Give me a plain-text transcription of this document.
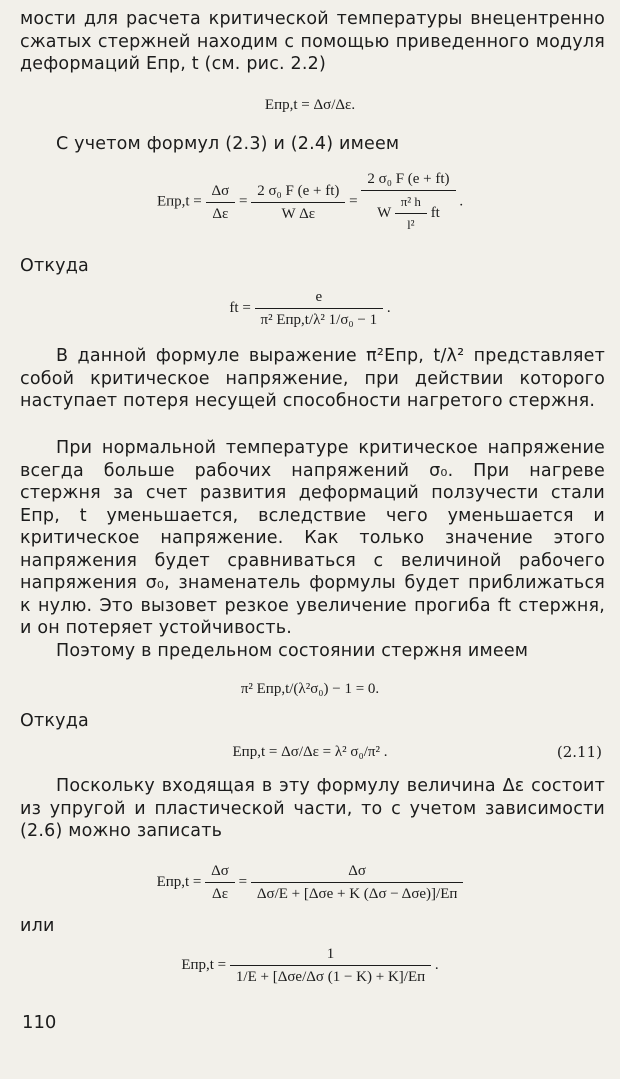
мости для расчета критической температуры внецентренно сжатых стержней находим с помощью приведенного модуля деформаций Eпр, t (см. рис. 2.2)
Eпр,t = Δσ/Δε.
С учетом формул (2.3) и (2.4) имеем
$Eпр,t = \frac{\Delta\sigma}{\Delta\varepsilon} = \frac{\text{2 σ₀ F (e + ft)}}{\text{W Δε}} = \frac{\text{2 σ₀ F (e + ft)}}{W \frac{\text{π² h}}{\text{l²}} ft}$ .
Откуда
ft = $\frac{e}{\text{π² Eпр,t/λ² 1/σ₀ − 1}}$ .
В данной формуле выражение π²Eпр, t/λ² представляет собой критическое напряжение, при действии которого наступает потеря несущей способности нагретого стержня.
При нормальной температуре критическое напряжение всегда больше рабочих напряжений σ₀. При нагреве стержня за счет развития деформаций ползучести стали Eпр, t уменьшается, вследствие чего уменьшается и критическое напряжение. Как только значение этого напряжения будет сравниваться с величиной рабочего напряжения σ₀, знаменатель формулы будет приближаться к нулю. Это вызовет резкое увеличение прогиба ft стержня, и он потеряет устойчивость.
Поэтому в предельном состоянии стержня имеем
π² Eпр,t/(λ²σ₀) − 1 = 0.
Откуда
Eпр,t = Δσ/Δε = λ² σ₀/π² .	(2.11)
Поскольку входящая в эту формулу величина Δε состоит из упругой и пластической части, то с учетом зависимости (2.6) можно записать
$Eпр,t = \frac{\Delta\sigma}{\Delta\varepsilon} = \frac{\Delta\sigma}{\text{Δσ/E + [Δσe + K (Δσ − Δσe)]/Eп}}$
или
$Eпр,t = \frac{1}{\text{1/E + [Δσe/Δσ (1 − K) + K]/Eп}}$ .
110
